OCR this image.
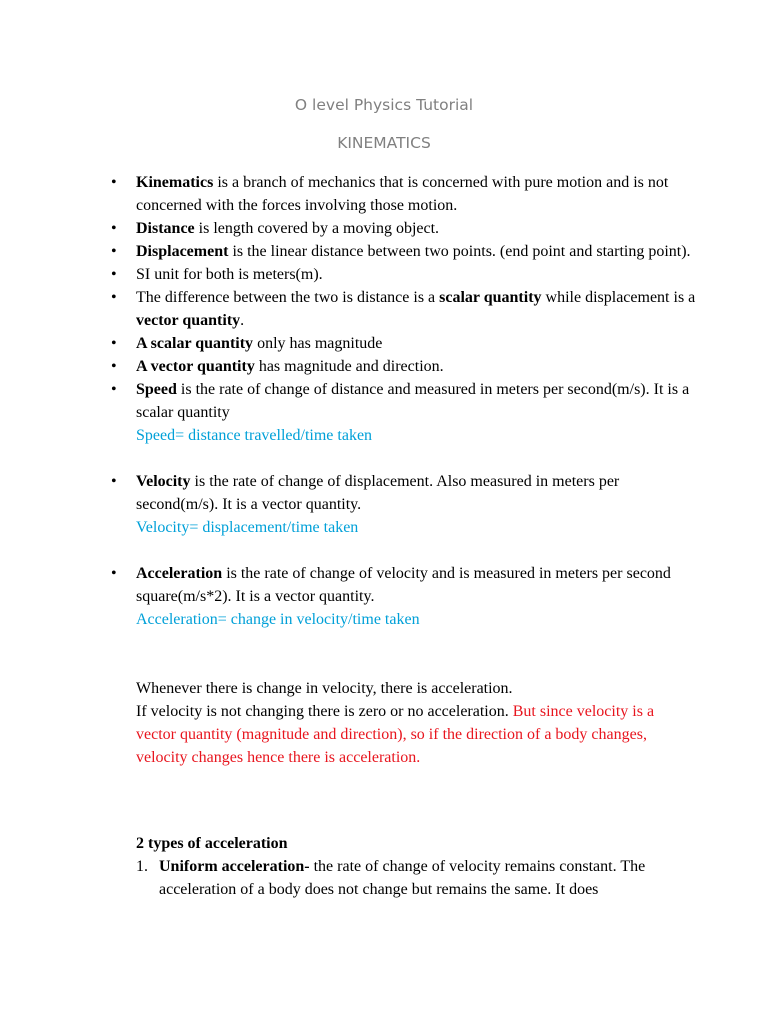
O level Physics Tutorial
KINEMATICS
• Kinematics is a branch of mechanics that is concerned with pure motion and is not concerned with the forces involving those motion.
• Distance is length covered by a moving object.
• Displacement is the linear distance between two points. (end point and starting point).
• SI unit for both is meters(m).
• The difference between the two is distance is a scalar quantity while displacement is a vector quantity.
• A scalar quantity only has magnitude
• A vector quantity has magnitude and direction.
• Speed is the rate of change of distance and measured in meters per second(m/s). It is a scalar quantity
Speed= distance travelled/time taken
• Velocity is the rate of change of displacement. Also measured in meters per second(m/s). It is a vector quantity.
Velocity= displacement/time taken
• Acceleration is the rate of change of velocity and is measured in meters per second square(m/s*2). It is a vector quantity.
Acceleration= change in velocity/time taken
Whenever there is change in velocity, there is acceleration.
If velocity is not changing there is zero or no acceleration. But since velocity is a vector quantity (magnitude and direction), so if the direction of a body changes, velocity changes hence there is acceleration.
2 types of acceleration
1. Uniform acceleration- the rate of change of velocity remains constant. The acceleration of a body does not change but remains the same. It does
